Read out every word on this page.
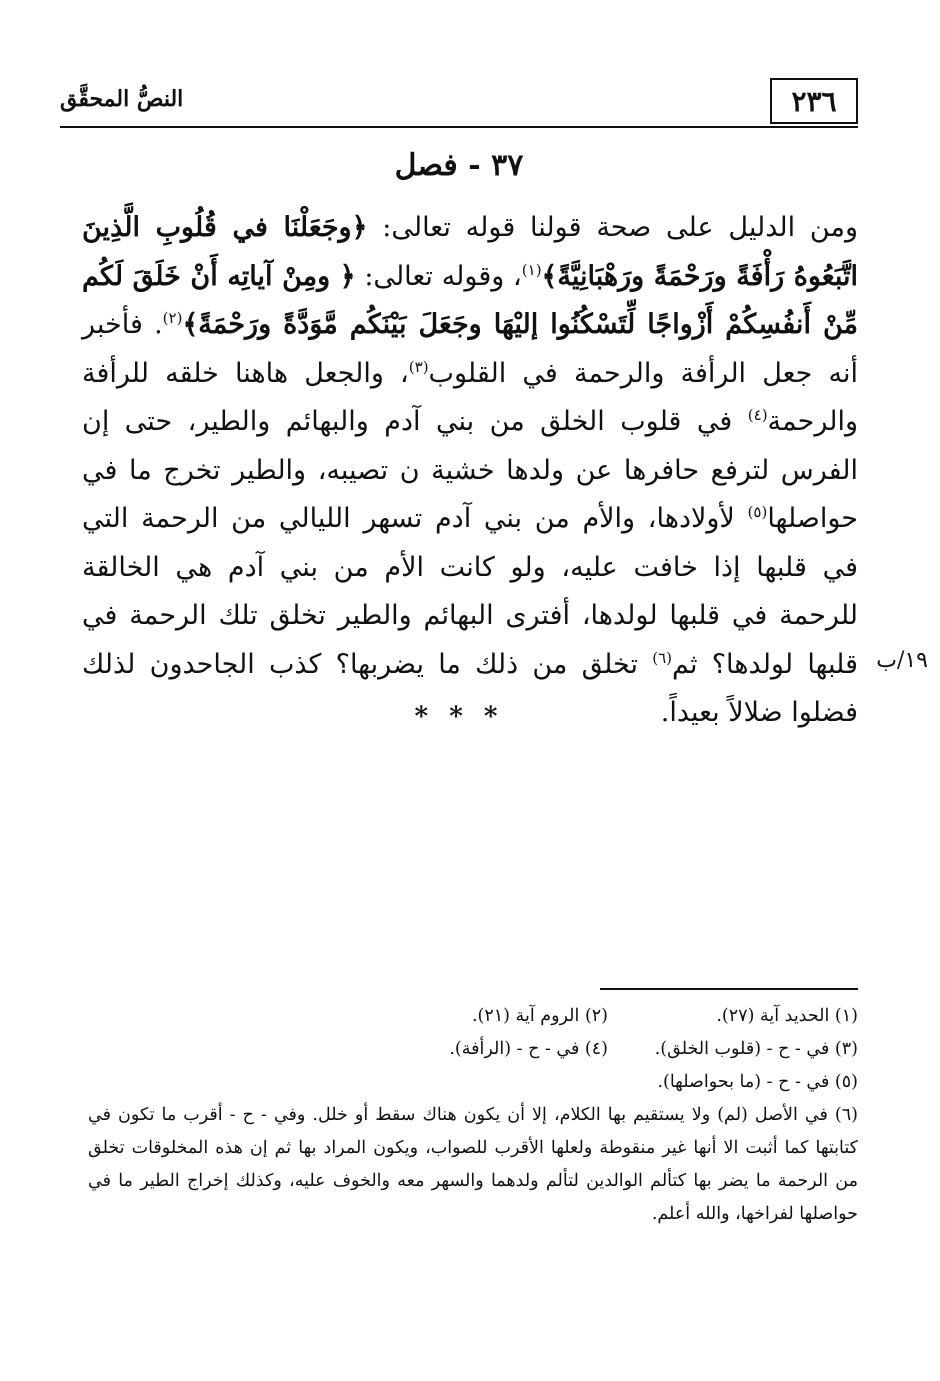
٢٣٦
النصُّ المحقَّق
٣٧ - فصل
ومن الدليل على صحة قولنا قوله تعالى: ﴿وجَعَلْنَا في قُلُوبِ الَّذِينَ اتَّبَعُوهُ رَأْفَةً ورَحْمَةً ورَهْبَانِيَّةً﴾$^{(١)}$، وقوله تعالى: ﴿ ومِنْ آياتِه أَنْ خَلَقَ لَكُم مِّنْ أَنفُسِكُمْ أَزْواجًا لِّتَسْكُنُوا إليْهَا وجَعَلَ بَيْنَكُم مَّوَدَّةً ورَحْمَةً﴾$^{(٢)}$. فأخبر أنه جعل الرأفة والرحمة في القلوب$^{(٣)}$، والجعل هاهنا خلقه للرأفة والرحمة$^{(٤)}$ في قلوب الخلق من بني آدم والبهائم والطير، حتى إن الفرس لترفع حافرها عن ولدها خشية ن تصيبه، والطير تخرج ما في حواصلها$^{(٥)}$ لأولادها، والأم من بني آدم تسهر الليالي من الرحمة التي في قلبها إذا خافت عليه، ولو كانت الأم من بني آدم هي الخالقة للرحمة في قلبها لولدها، أفترى البهائم والطير تخلق تلك الرحمة في قلبها لولدها؟ ثم$^{(٦)}$ تخلق من ذلك ما يضربها؟ كذب الجاحدون لذلك فضلوا ضلالاً بعيداً.
١٩/ب
* * *
(١) الحديد آية (٢٧).
(٢) الروم آية (٢١).
(٣) في - ح - (قلوب الخلق).
(٤) في - ح - (الرأفة).
(٥) في - ح - (ما بحواصلها).
(٦) في الأصل (لم) ولا يستقيم بها الكلام، إلا أن يكون هناك سقط أو خلل. وفي - ح - أقرب ما تكون في كتابتها كما أثبت الا أنها غير منقوطة ولعلها الأقرب للصواب، ويكون المراد بها ثم إن هذه المخلوقات تخلق من الرحمة ما يضر بها كتألم الوالدين لتألم ولدهما والسهر معه والخوف عليه، وكذلك إخراج الطير ما في حواصلها لفراخها، والله أعلم.
